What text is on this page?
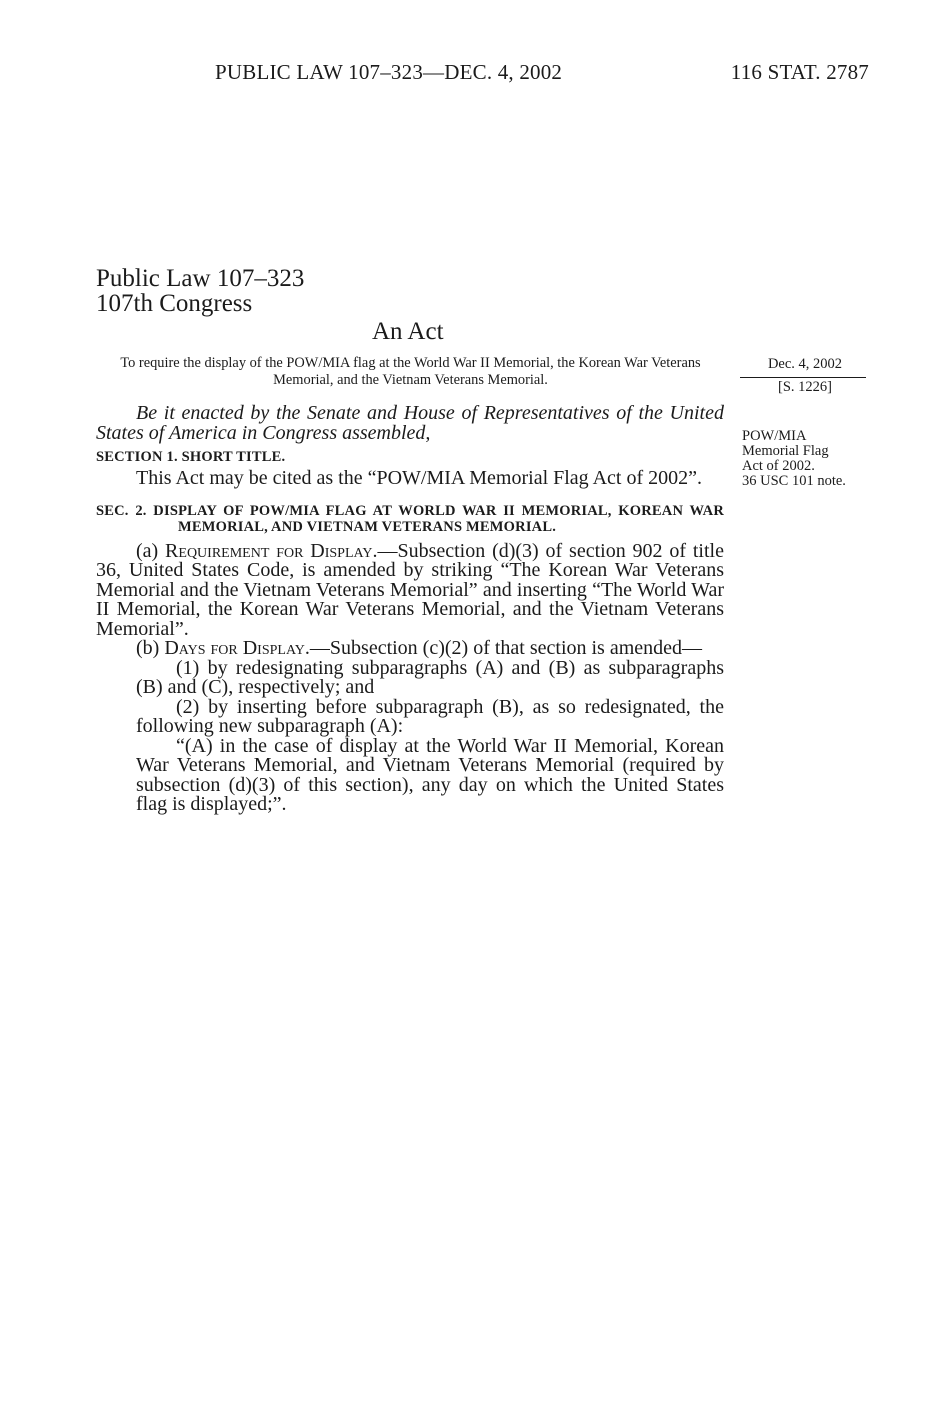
PUBLIC LAW 107–323—DEC. 4, 2002	116 STAT. 2787
Public Law 107–323
107th Congress
An Act
To require the display of the POW/MIA flag at the World War II Memorial, the Korean War Veterans Memorial, and the Vietnam Veterans Memorial.
Dec. 4, 2002
[S. 1226]
POW/MIA
Memorial Flag
Act of 2002.
36 USC 101 note.

Be it enacted by the Senate and House of Representatives of the United States of America in Congress assembled,

SECTION 1. SHORT TITLE.

This Act may be cited as the “POW/MIA Memorial Flag Act of 2002”.

SEC. 2. DISPLAY OF POW/MIA FLAG AT WORLD WAR II MEMORIAL, KOREAN WAR MEMORIAL, AND VIETNAM VETERANS MEMORIAL.

(a) Requirement for Display.—Subsection (d)(3) of section 902 of title 36, United States Code, is amended by striking “The Korean War Veterans Memorial and the Vietnam Veterans Memorial” and inserting “The World War II Memorial, the Korean War Veterans Memorial, and the Vietnam Veterans Memorial”.

(b) Days for Display.—Subsection (c)(2) of that section is amended—

(1) by redesignating subparagraphs (A) and (B) as subparagraphs (B) and (C), respectively; and

(2) by inserting before subparagraph (B), as so redesignated, the following new subparagraph (A):

“(A) in the case of display at the World War II Memorial, Korean War Veterans Memorial, and Vietnam Veterans Memorial (required by subsection (d)(3) of this section), any day on which the United States flag is displayed;”.
